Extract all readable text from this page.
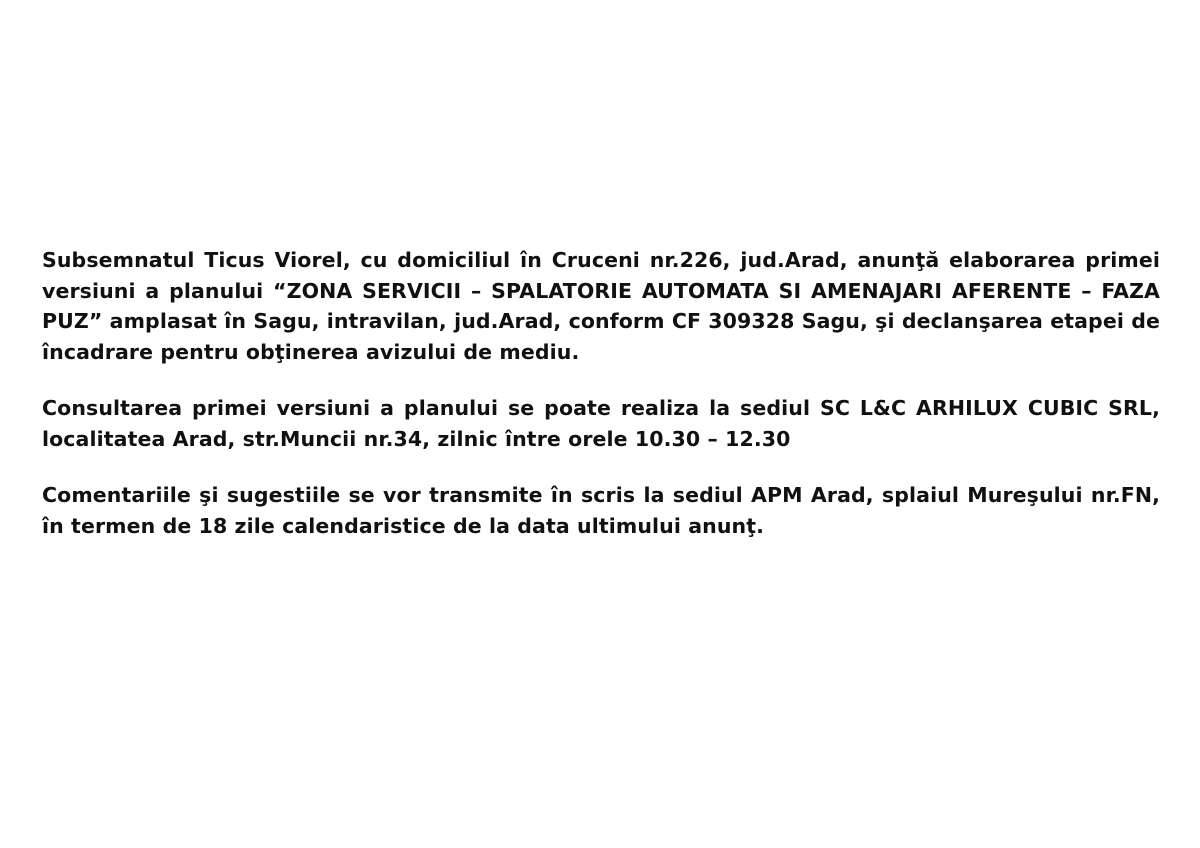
Subsemnatul Ticus Viorel, cu domiciliul în Cruceni nr.226, jud.Arad, anunţă elaborarea primei versiuni a planului “ZONA SERVICII – SPALATORIE AUTOMATA SI AMENAJARI AFERENTE – FAZA PUZ” amplasat în Sagu, intravilan, jud.Arad, conform CF 309328 Sagu, şi declanşarea etapei de încadrare pentru obţinerea avizului de mediu.

Consultarea primei versiuni a planului se poate realiza la sediul SC L&C ARHILUX CUBIC SRL, localitatea Arad, str.Muncii nr.34, zilnic între orele 10.30 – 12.30

Comentariile şi sugestiile se vor transmite în scris la sediul APM Arad, splaiul Mureşului nr.FN, în termen de 18 zile calendaristice de la data ultimului anunţ.
